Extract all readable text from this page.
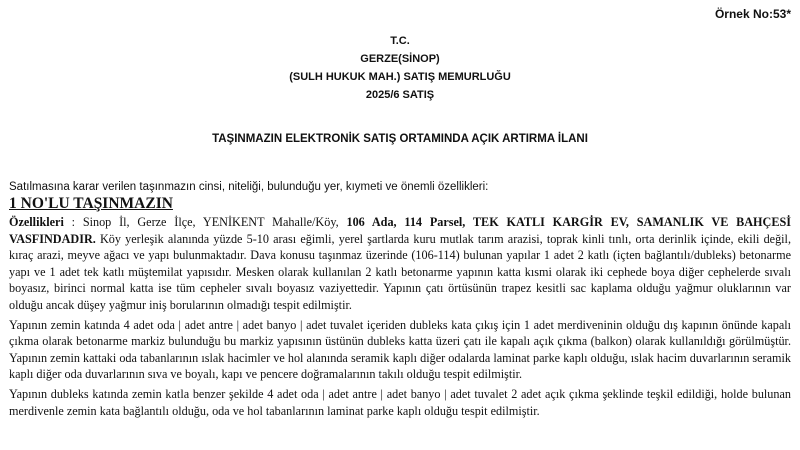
Örnek No:53*
T.C.
GERZE(SİNOP)
(SULH HUKUK MAH.) SATIŞ MEMURLUĞU
2025/6 SATIŞ
TAŞINMAZIN ELEKTRONİK SATIŞ ORTAMINDA AÇIK ARTIRMA İLANI
Satılmasına karar verilen taşınmazın cinsi, niteliği, bulunduğu yer, kıymeti ve önemli özellikleri:
1 NO'LU TAŞINMAZIN

Özellikleri : Sinop İl, Gerze İlçe, YENİKENT Mahalle/Köy, 106 Ada, 114 Parsel, TEK KATLI KARGİR EV, SAMANLIK VE BAHÇESİ VASFINDADIR. Köy yerleşik alanında yüzde 5-10 arası eğimli, yerel şartlarda kuru mutlak tarım arazisi, toprak kinli tınlı, orta derinlik içinde, ekili değil, kıraç arazi, meyve ağacı ve yapı bulunmaktadır. Dava konusu taşınmaz üzerinde (106-114) bulunan yapılar 1 adet 2 katlı (içten bağlantılı/dubleks) betonarme yapı ve 1 adet tek katlı müştemilat yapısıdır. Mesken olarak kullanılan 2 katlı betonarme yapının katta kısmi olarak iki cephede boya diğer cephelerde sıvalı boyasız, birinci normal katta ise tüm cepheler sıvalı boyasız vaziyettedir. Yapının çatı örtüsünün trapez kesitli sac kaplama olduğu yağmur oluklarının var olduğu ancak düşey yağmur iniş borularının olmadığı tespit edilmiştir.

Yapının zemin katında 4 adet oda | adet antre | adet banyo | adet tuvalet içeriden dubleks kata çıkış için 1 adet merdiveninin olduğu dış kapının önünde kapalı çıkma olarak betonarme markiz bulunduğu bu markiz yapısının üstünün dubleks katta üzeri çatı ile kapalı açık çıkma (balkon) olarak kullanıldığı görülmüştür. Yapının zemin kattaki oda tabanlarının ıslak hacimler ve hol alanında seramik kaplı diğer odalarda laminat parke kaplı olduğu, ıslak hacim duvarlarının seramik kaplı diğer oda duvarlarının sıva ve boyalı, kapı ve pencere doğramalarının takılı olduğu tespit edilmiştir.

Yapının dubleks katında zemin katla benzer şekilde 4 adet oda | adet antre | adet banyo | adet tuvalet 2 adet açık çıkma şeklinde teşkil edildiği, holde bulunan merdivenle zemin kata bağlantılı olduğu, oda ve hol tabanlarının laminat parke kaplı olduğu tespit edilmiştir.
